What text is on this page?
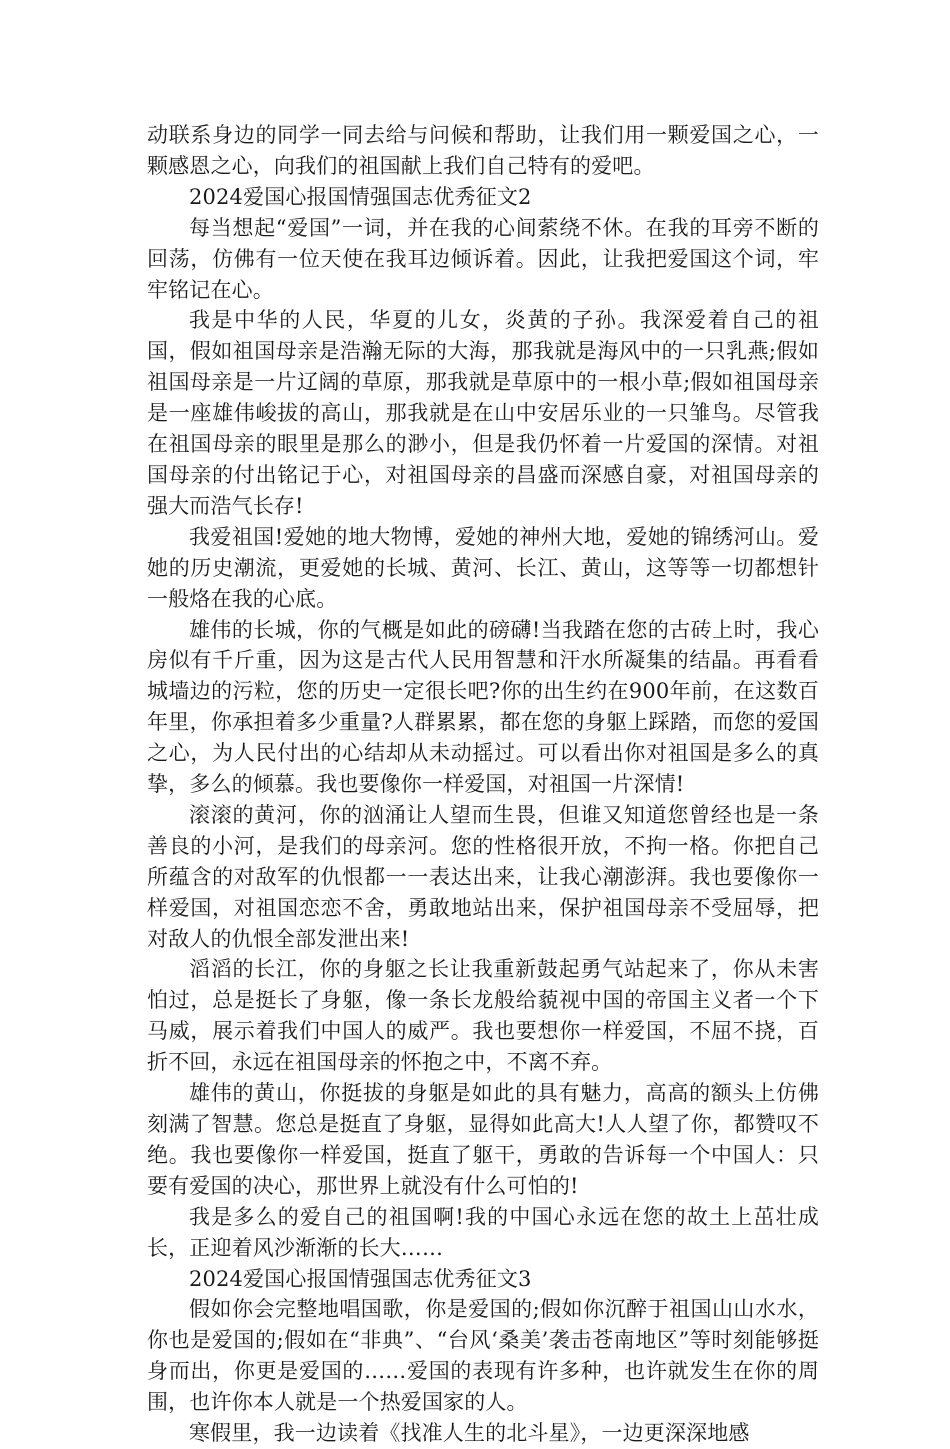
动联系身边的同学一同去给与问候和帮助，让我们用一颗爱国之心，一颗感恩之心，向我们的祖国献上我们自己特有的爱吧。

2024爱国心报国情强国志优秀征文2

每当想起“爱国”一词，并在我的心间萦绕不休。在我的耳旁不断的回荡，仿佛有一位天使在我耳边倾诉着。因此，让我把爱国这个词，牢牢铭记在心。

我是中华的人民，华夏的儿女，炎黄的子孙。我深爱着自己的祖国，假如祖国母亲是浩瀚无际的大海，那我就是海风中的一只乳燕;假如祖国母亲是一片辽阔的草原，那我就是草原中的一根小草;假如祖国母亲是一座雄伟峻拔的高山，那我就是在山中安居乐业的一只雏鸟。尽管我在祖国母亲的眼里是那么的渺小，但是我仍怀着一片爱国的深情。对祖国母亲的付出铭记于心，对祖国母亲的昌盛而深感自豪，对祖国母亲的强大而浩气长存!

我爱祖国!爱她的地大物博，爱她的神州大地，爱她的锦绣河山。爱她的历史潮流，更爱她的长城、黄河、长江、黄山，这等等一切都想针一般烙在我的心底。

雄伟的长城，你的气概是如此的磅礴!当我踏在您的古砖上时，我心房似有千斤重，因为这是古代人民用智慧和汗水所凝集的结晶。再看看城墙边的污粒，您的历史一定很长吧?你的出生约在900年前，在这数百年里，你承担着多少重量?人群累累，都在您的身躯上踩踏，而您的爱国之心，为人民付出的心结却从未动摇过。可以看出你对祖国是多么的真挚，多么的倾慕。我也要像你一样爱国，对祖国一片深情!

滚滚的黄河，你的汹涌让人望而生畏，但谁又知道您曾经也是一条善良的小河，是我们的母亲河。您的性格很开放，不拘一格。你把自己所蕴含的对敌军的仇恨都一一表达出来，让我心潮澎湃。我也要像你一样爱国，对祖国恋恋不舍，勇敢地站出来，保护祖国母亲不受屈辱，把对敌人的仇恨全部发泄出来!

滔滔的长江，你的身躯之长让我重新鼓起勇气站起来了，你从未害怕过，总是挺长了身躯，像一条长龙般给藐视中国的帝国主义者一个下马威，展示着我们中国人的威严。我也要想你一样爱国，不屈不挠，百折不回，永远在祖国母亲的怀抱之中，不离不弃。

雄伟的黄山，你挺拔的身躯是如此的具有魅力，高高的额头上仿佛刻满了智慧。您总是挺直了身躯，显得如此高大!人人望了你，都赞叹不绝。我也要像你一样爱国，挺直了躯干，勇敢的告诉每一个中国人：只要有爱国的决心，那世界上就没有什么可怕的!

我是多么的爱自己的祖国啊!我的中国心永远在您的故土上茁壮成长，正迎着风沙渐渐的长大……

2024爱国心报国情强国志优秀征文3

假如你会完整地唱国歌，你是爱国的;假如你沉醉于祖国山山水水，你也是爱国的;假如在“非典”、“台风‘桑美’袭击苍南地区”等时刻能够挺身而出，你更是爱国的……爱国的表现有许多种，也许就发生在你的周围，也许你本人就是一个热爱国家的人。

寒假里，我一边读着《找准人生的北斗星》，一边更深深地感
